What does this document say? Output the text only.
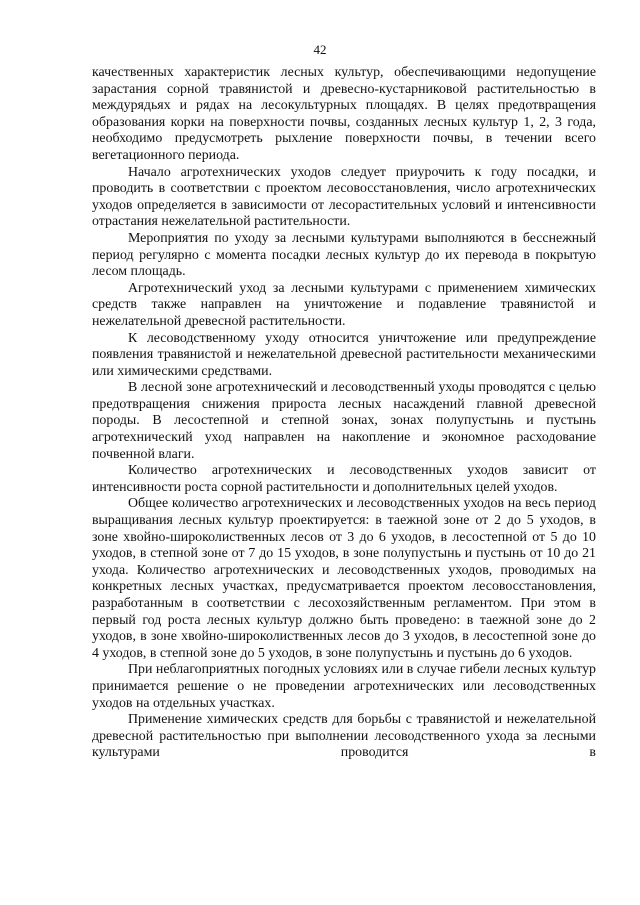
42

качественных характеристик лесных культур, обеспечивающими недопущение зарастания сорной травянистой и древесно-кустарниковой растительностью в междурядьях и рядах на лесокультурных площадях. В целях предотвращения образования корки на поверхности почвы, созданных лесных культур 1, 2, 3 года, необходимо предусмотреть рыхление поверхности почвы, в течении всего вегетационного периода.

Начало агротехнических уходов следует приурочить к году посадки, и проводить в соответствии с проектом лесовосстановления, число агротехнических уходов определяется в зависимости от лесорастительных условий и интенсивности отрастания нежелательной растительности.

Мероприятия по уходу за лесными культурами выполняются в бесснежный период регулярно с момента посадки лесных культур до их перевода в покрытую лесом площадь.

Агротехнический уход за лесными культурами с применением химических средств также направлен на уничтожение и подавление травянистой и нежелательной древесной растительности.

К лесоводственному уходу относится уничтожение или предупреждение появления травянистой и нежелательной древесной растительности механическими или химическими средствами.

В лесной зоне агротехнический и лесоводственный уходы проводятся с целью предотвращения снижения прироста лесных насаждений главной древесной породы. В лесостепной и степной зонах, зонах полупустынь и пустынь агротехнический уход направлен на накопление и экономное расходование почвенной влаги.

Количество агротехнических и лесоводственных уходов зависит от интенсивности роста сорной растительности и дополнительных целей уходов.

Общее количество агротехнических и лесоводственных уходов на весь период выращивания лесных культур проектируется: в таежной зоне от 2 до 5 уходов, в зоне хвойно-широколиственных лесов от 3 до 6 уходов, в лесостепной от 5 до 10 уходов, в степной зоне от 7 до 15 уходов, в зоне полупустынь и пустынь от 10 до 21 ухода. Количество агротехнических и лесоводственных уходов, проводимых на конкретных лесных участках, предусматривается проектом лесовосстановления, разработанным в соответствии с лесохозяйственным регламентом. При этом в первый год роста лесных культур должно быть проведено: в таежной зоне до 2 уходов, в зоне хвойно-широколиственных лесов до 3 уходов, в лесостепной зоне до 4 уходов, в степной зоне до 5 уходов, в зоне полупустынь и пустынь до 6 уходов.

При неблагоприятных погодных условиях или в случае гибели лесных культур принимается решение о не проведении агротехнических или лесоводственных уходов на отдельных участках.

Применение химических средств для борьбы с травянистой и нежелательной древесной растительностью при выполнении лесоводственного ухода за лесными культурами проводится в
